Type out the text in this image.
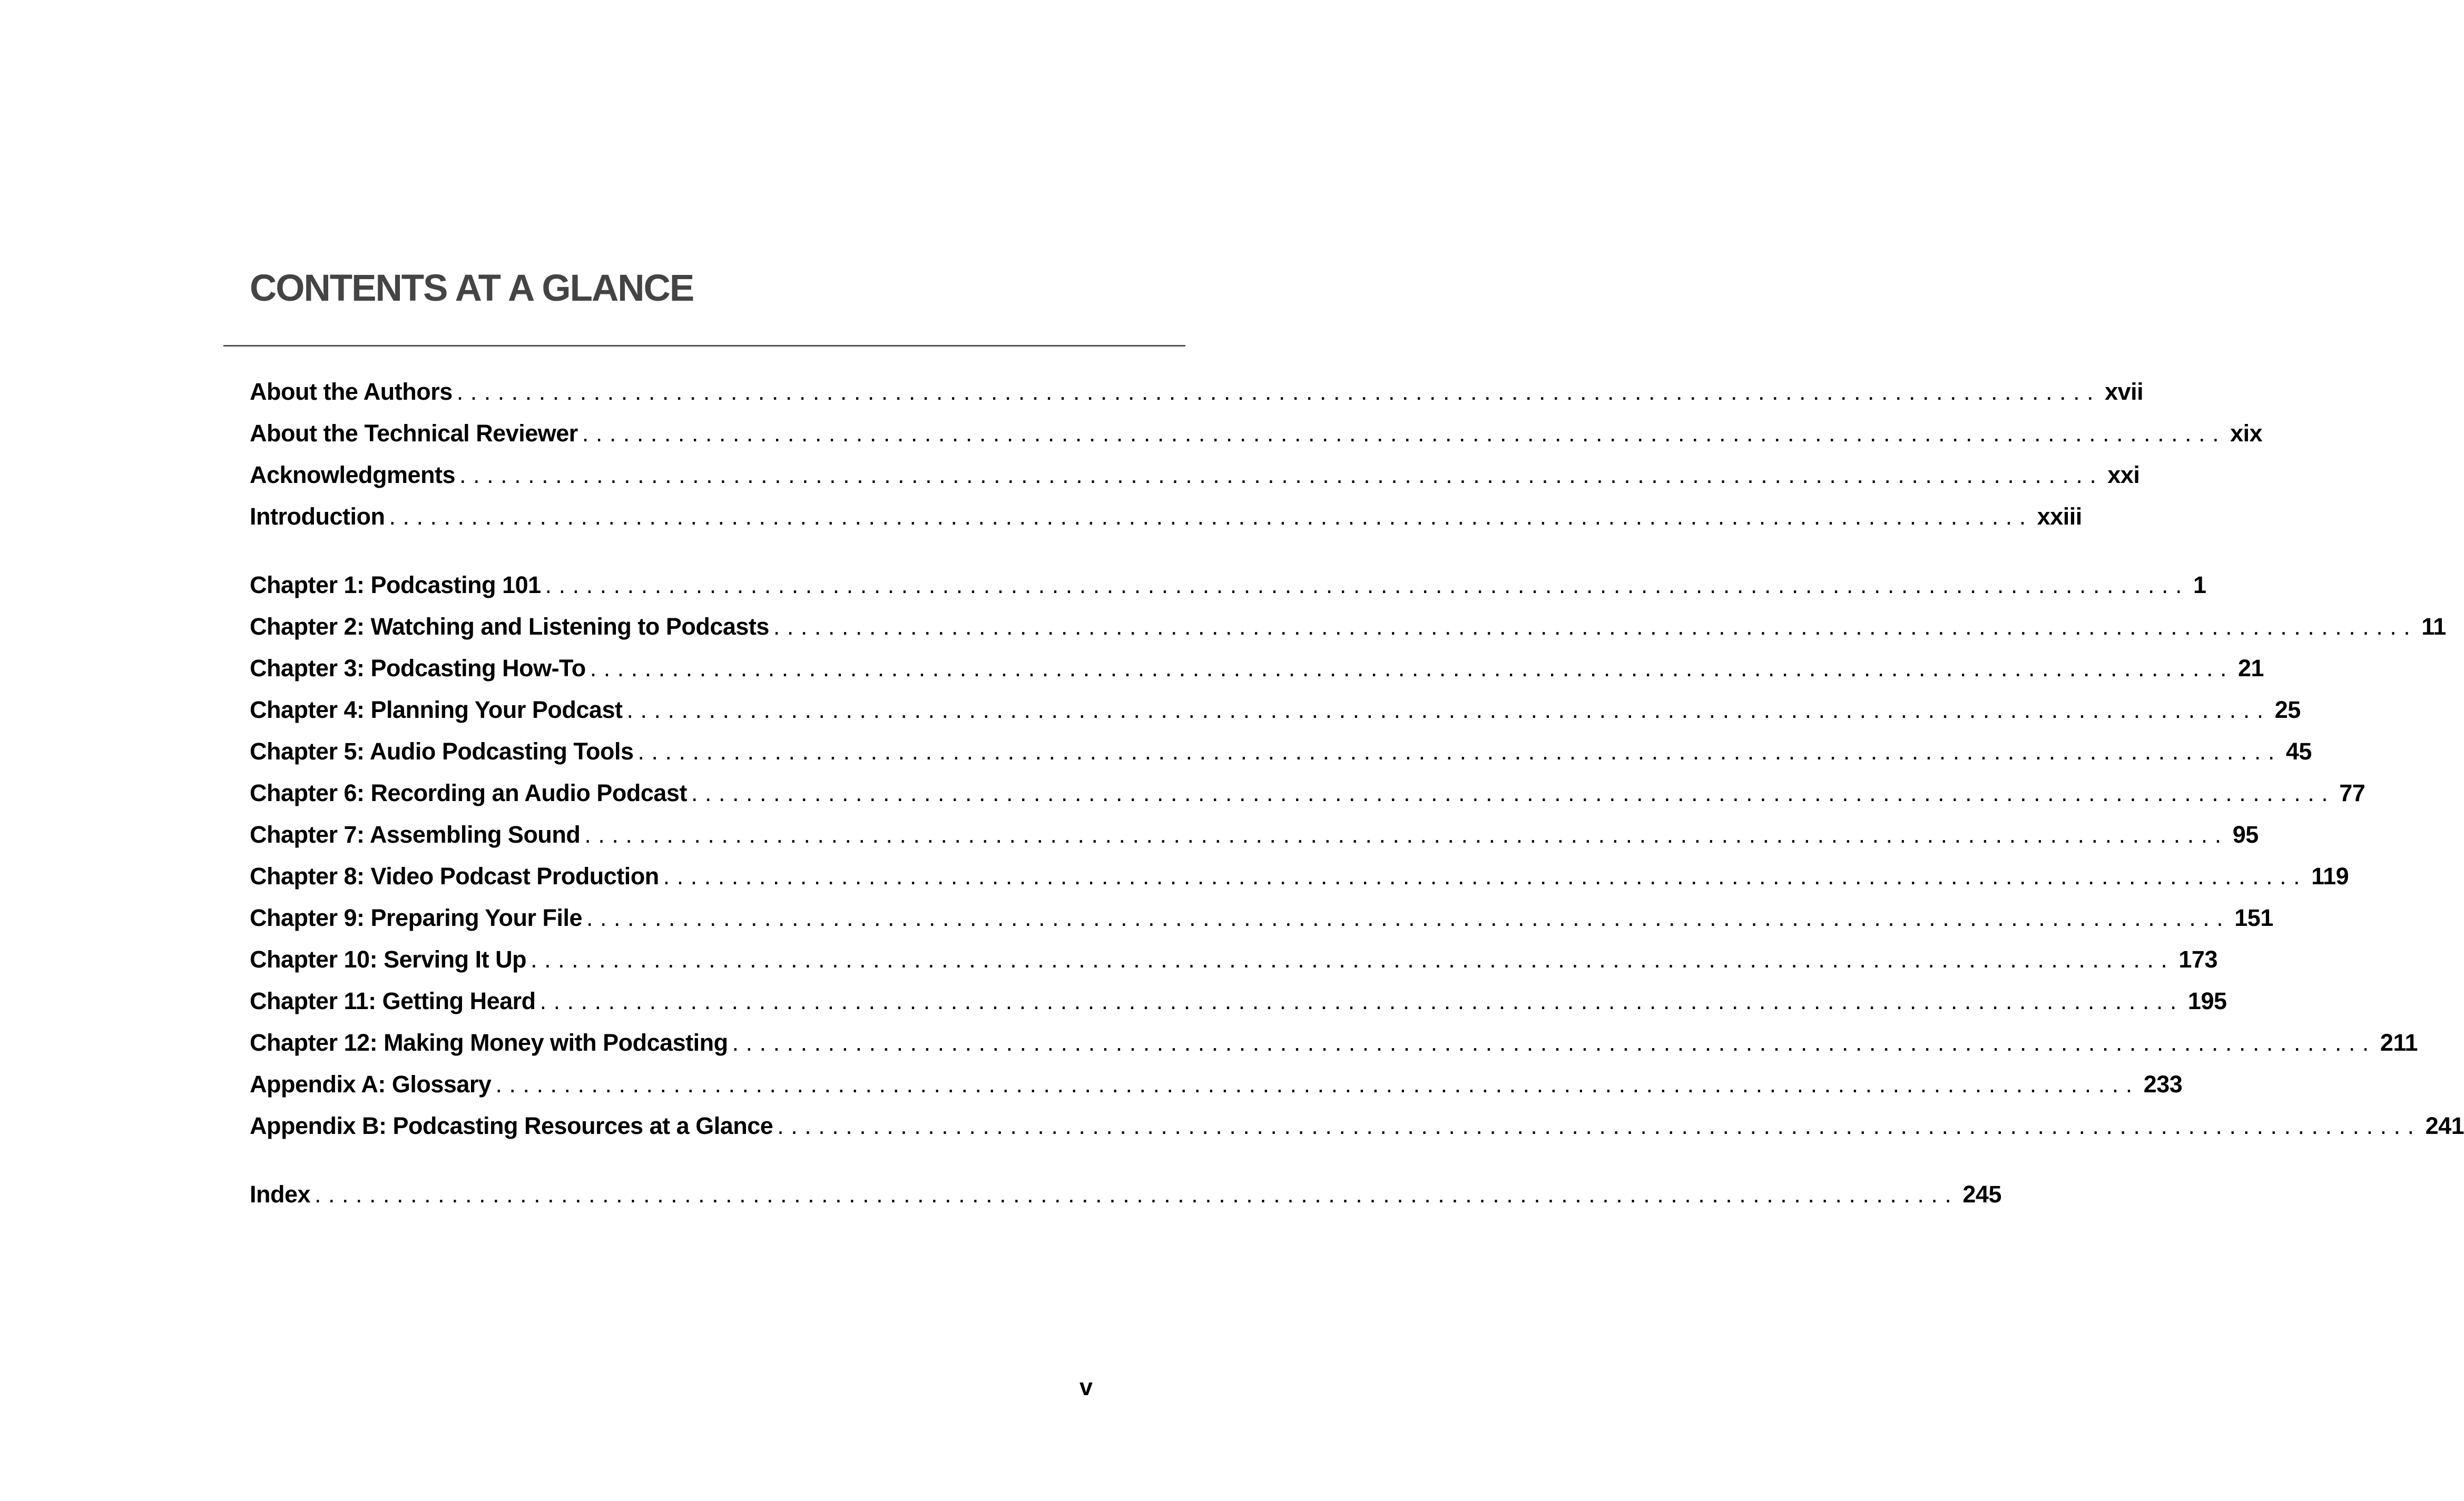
CONTENTS AT A GLANCE
About the Authors ........................................................................................................................ xvii
About the Technical Reviewer ........................................................................................................................ xix
Acknowledgments ........................................................................................................................ xxi
Introduction ........................................................................................................................ xxiii
Chapter 1: Podcasting 101 ........................................................................................................................ 1
Chapter 2: Watching and Listening to Podcasts ........................................................................................................................ 11
Chapter 3: Podcasting How-To ........................................................................................................................ 21
Chapter 4: Planning Your Podcast ........................................................................................................................ 25
Chapter 5: Audio Podcasting Tools ........................................................................................................................ 45
Chapter 6: Recording an Audio Podcast ........................................................................................................................ 77
Chapter 7: Assembling Sound ........................................................................................................................ 95
Chapter 8: Video Podcast Production ........................................................................................................................ 119
Chapter 9: Preparing Your File ........................................................................................................................ 151
Chapter 10: Serving It Up ........................................................................................................................ 173
Chapter 11: Getting Heard ........................................................................................................................ 195
Chapter 12: Making Money with Podcasting ........................................................................................................................ 211
Appendix A: Glossary ........................................................................................................................ 233
Appendix B: Podcasting Resources at a Glance ........................................................................................................................ 241
Index ........................................................................................................................ 245
v
